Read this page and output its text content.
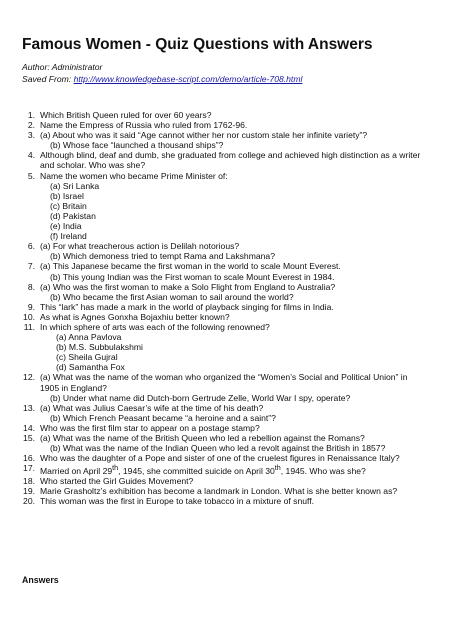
Famous Women - Quiz Questions with Answers
Author: Administrator
Saved From: http://www.knowledgebase-script.com/demo/article-708.html
1. Which British Queen ruled for over 60 years?
2. Name the Empress of Russia who ruled from 1762-96.
3. (a) About who was it said “Age cannot wither her nor custom stale her infinite variety”?
(b) Whose face “launched a thousand ships”?
4. Although blind, deaf and dumb, she graduated from college and achieved high distinction as a writer
and scholar. Who was she?
5. Name the women who became Prime Minister of:
(a) Sri Lanka
(b) Israel
(c) Britain
(d) Pakistan
(e) India
(f) Ireland
6. (a) For what treacherous action is Delilah notorious?
(b) Which demoness tried to tempt Rama and Lakshmana?
7. (a) This Japanese became the first woman in the world to scale Mount Everest.
(b) This young Indian was the First woman to scale Mount Everest in 1984.
8. (a) Who was the first woman to make a Solo Flight from England to Australia?
(b) Who became the first Asian woman to sail around the world?
9. This “lark” has made a mark in the world of playback singing for films in India.
10. As what is Agnes Gonxha Bojaxhiu better known?
11. In which sphere of arts was each of the following renowned?
(a) Anna Pavlova
(b) M.S. Subbulakshmi
(c) Sheila Gujral
(d) Samantha Fox
12. (a) What was the name of the woman who organized the “Women’s Social and Political Union” in
1905 in England?
(b) Under what name did Dutch-born Gertrude Zelle, World War I spy, operate?
13. (a) What was Julius Caesar’s wife at the time of his death?
(b) Which French Peasant became “a heroine and a saint”?
14. Who was the first film star to appear on a postage stamp?
15. (a) What was the name of the British Queen who led a rebellion against the Romans?
(b) What was the name of the Indian Queen who led a revolt against the British in 1857?
16. Who was the daughter of a Pope and sister of one of the cruelest figures in Renaissance Italy?
17. Married on April 29th, 1945, she committed suicide on April 30th, 1945. Who was she?
18. Who started the Girl Guides Movement?
19. Marie Grasholtz’s exhibition has become a landmark in London. What is she better known as?
20. This woman was the first in Europe to take tobacco in a mixture of snuff.
Answers
